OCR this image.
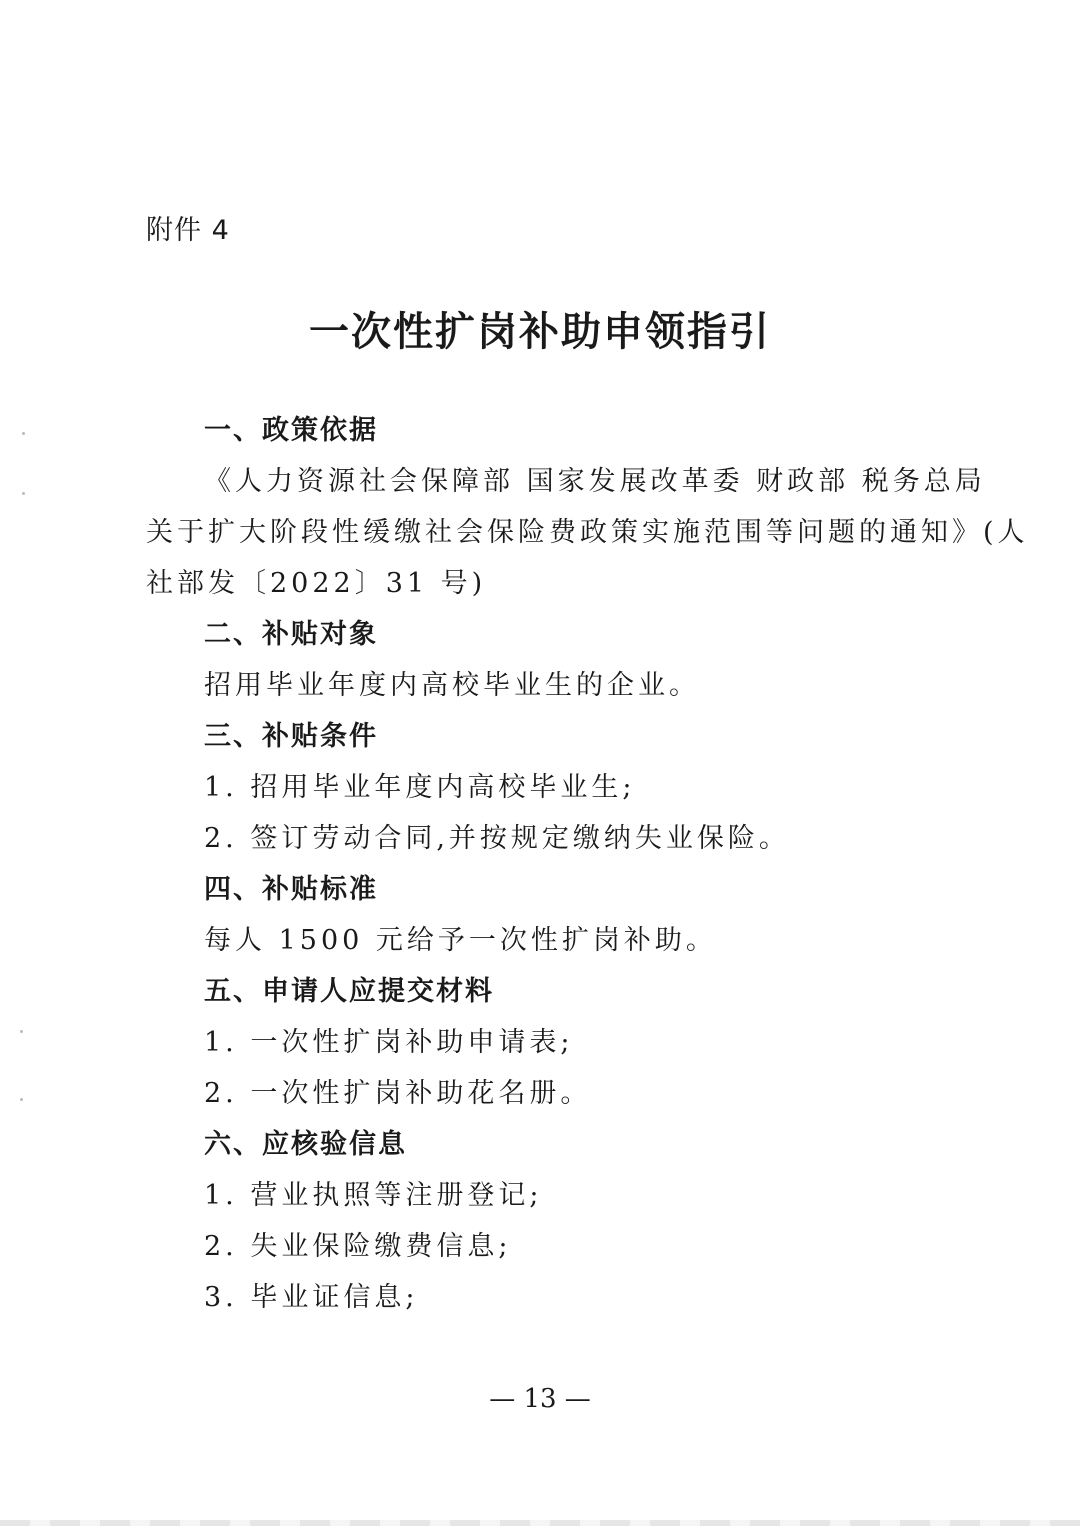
附件 4
一次性扩岗补助申领指引
一、政策依据
《人力资源社会保障部 国家发展改革委 财政部 税务总局
关于扩大阶段性缓缴社会保险费政策实施范围等问题的通知》(人
社部发〔2022〕31 号)
二、补贴对象
招用毕业年度内高校毕业生的企业。
三、补贴条件
1. 招用毕业年度内高校毕业生;
2. 签订劳动合同,并按规定缴纳失业保险。
四、补贴标准
每人 1500 元给予一次性扩岗补助。
五、申请人应提交材料
1. 一次性扩岗补助申请表;
2. 一次性扩岗补助花名册。
六、应核验信息
1. 营业执照等注册登记;
2. 失业保险缴费信息;
3. 毕业证信息;
— 13 —
